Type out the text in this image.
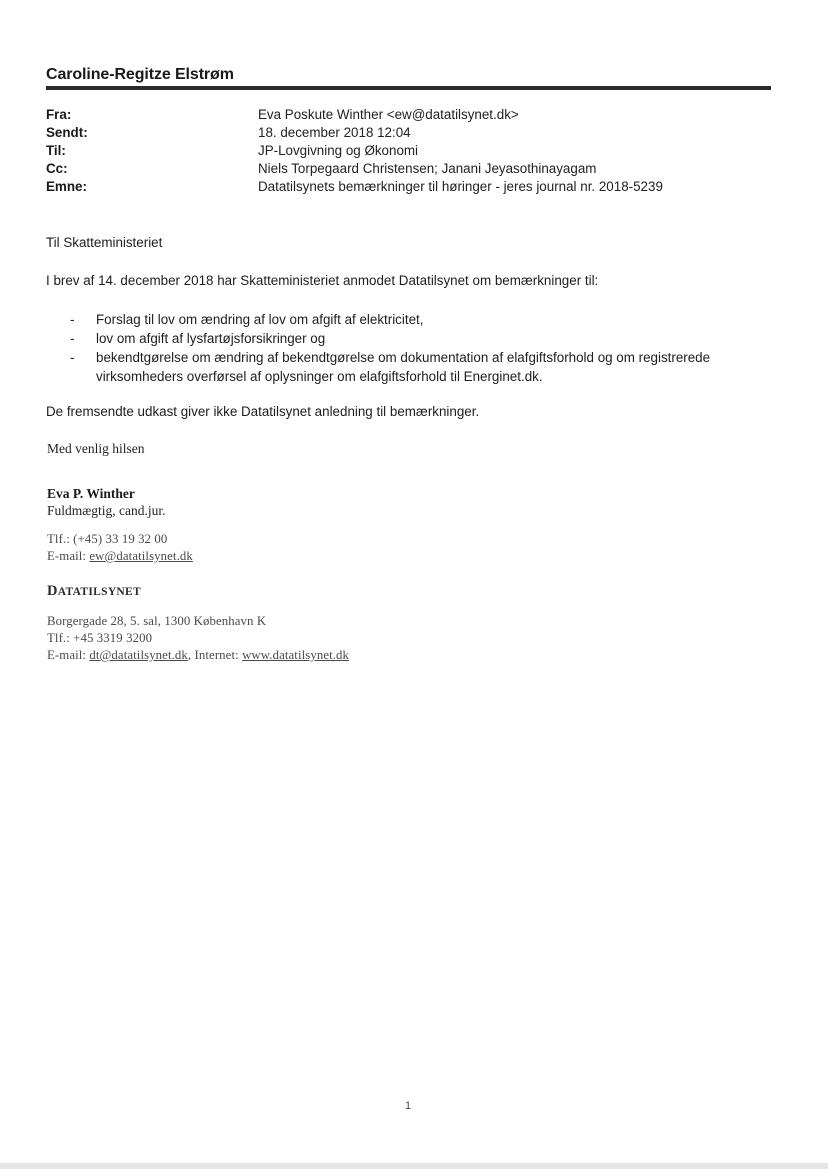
Caroline-Regitze Elstrøm
Fra:	Eva Poskute Winther <ew@datatilsynet.dk>
Sendt:	18. december 2018 12:04
Til:	JP-Lovgivning og Økonomi
Cc:	Niels Torpegaard Christensen; Janani Jeyasothinayagam
Emne:	Datatilsynets bemærkninger til høringer - jeres journal nr. 2018-5239
Til Skatteministeriet
I brev af 14. december 2018 har Skatteministeriet anmodet Datatilsynet om bemærkninger til:
-	Forslag til lov om ændring af lov om afgift af elektricitet,
-	lov om afgift af lysfartøjsforsikringer og
-	bekendtgørelse om ændring af bekendtgørelse om dokumentation af elafgiftsforhold og om registrerede virksomheders overførsel af oplysninger om elafgiftsforhold til Energinet.dk.
De fremsendte udkast giver ikke Datatilsynet anledning til bemærkninger.
Med venlig hilsen
Eva P. Winther
Fuldmægtig, cand.jur.
Tlf.: (+45) 33 19 32 00
E-mail: ew@datatilsynet.dk
DATATILSYNET
Borgergade 28, 5. sal, 1300 København K
Tlf.: +45 3319 3200
E-mail: dt@datatilsynet.dk, Internet: www.datatilsynet.dk
1
